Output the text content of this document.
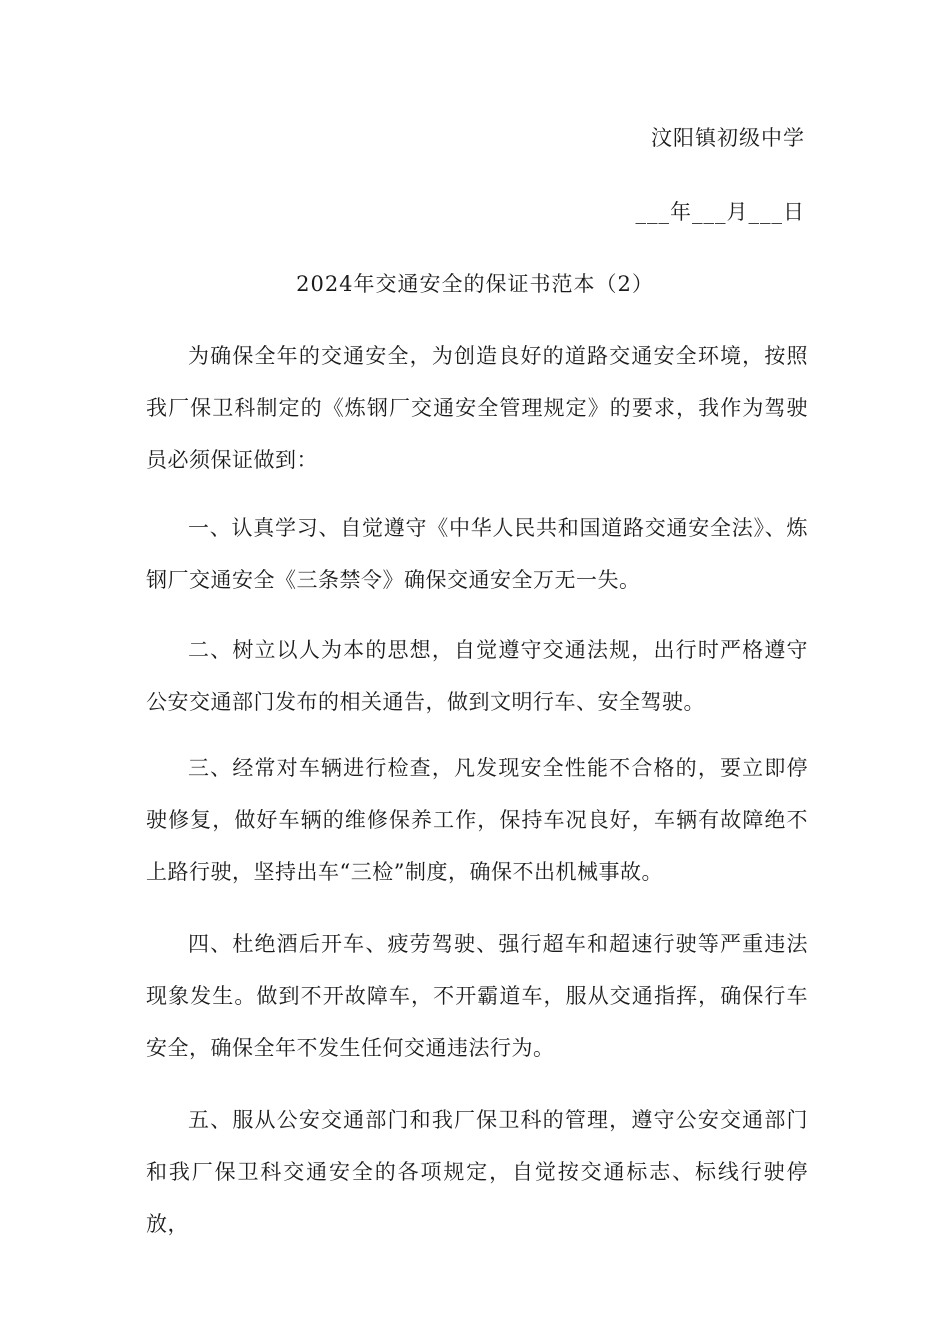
汶阳镇初级中学
___年___月___日
2024年交通安全的保证书范本（2）

为确保全年的交通安全，为创造良好的道路交通安全环境，按照我厂保卫科制定的《炼钢厂交通安全管理规定》的要求，我作为驾驶员必须保证做到：

一、认真学习、自觉遵守《中华人民共和国道路交通安全法》、炼钢厂交通安全《三条禁令》确保交通安全万无一失。

二、树立以人为本的思想，自觉遵守交通法规，出行时严格遵守公安交通部门发布的相关通告，做到文明行车、安全驾驶。

三、经常对车辆进行检查，凡发现安全性能不合格的，要立即停驶修复，做好车辆的维修保养工作，保持车况良好，车辆有故障绝不上路行驶，坚持出车“三检”制度，确保不出机械事故。

四、杜绝酒后开车、疲劳驾驶、强行超车和超速行驶等严重违法现象发生。做到不开故障车，不开霸道车，服从交通指挥，确保行车安全，确保全年不发生任何交通违法行为。

五、服从公安交通部门和我厂保卫科的管理，遵守公安交通部门和我厂保卫科交通安全的各项规定，自觉按交通标志、标线行驶停放，
